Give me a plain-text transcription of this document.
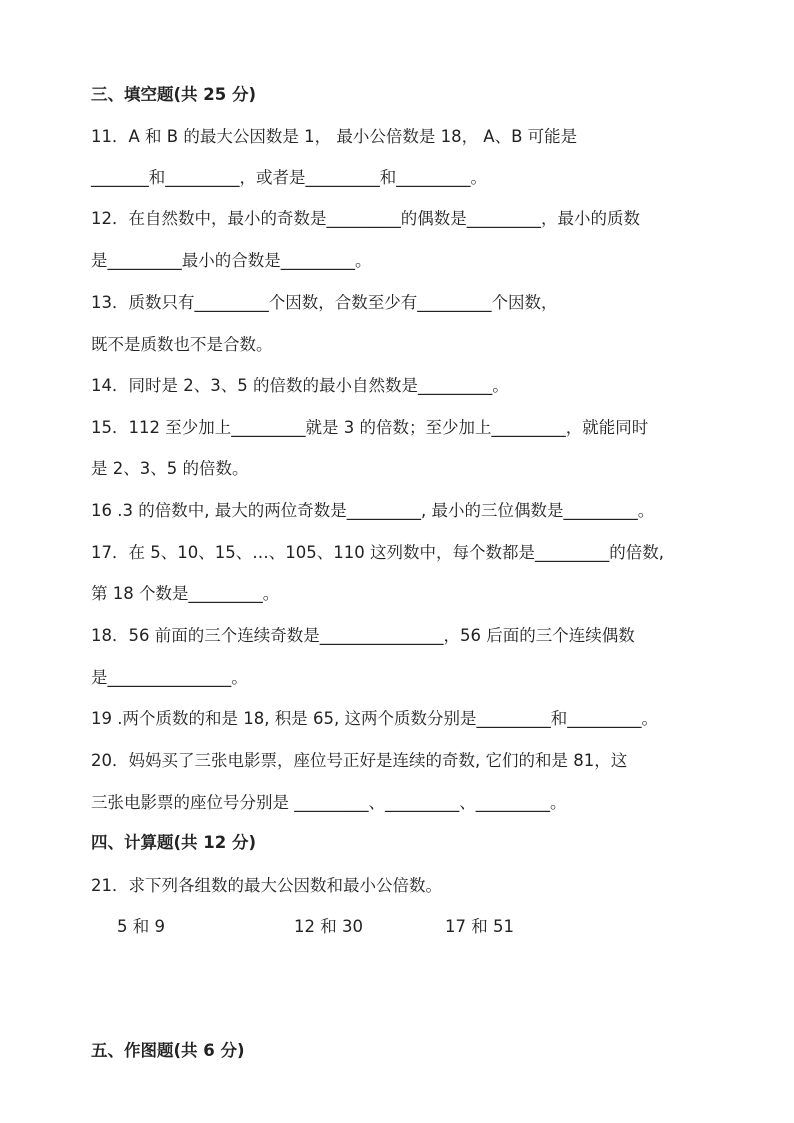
三、填空题(共 25 分)
11．A 和 B 的最大公因数是 1， 最小公倍数是 18， A、B 可能是
_______和_________，或者是_________和_________。
12．在自然数中，最小的奇数是_________的偶数是_________，最小的质数
是_________最小的合数是_________。
13．质数只有_________个因数，合数至少有_________个因数，
既不是质数也不是合数。
14．同时是 2、3、5 的倍数的最小自然数是_________。
15．112 至少加上_________就是 3 的倍数；至少加上_________，就能同时
是 2、3、5 的倍数。
16 .3 的倍数中, 最大的两位奇数是_________, 最小的三位偶数是_________。
17．在 5、10、15、…、105、110 这列数中，每个数都是_________的倍数,
第 18 个数是_________。
18．56 前面的三个连续奇数是_______________，56 后面的三个连续偶数
是_______________。
19 .两个质数的和是 18, 积是 65, 这两个质数分别是_________和_________。
20．妈妈买了三张电影票，座位号正好是连续的奇数, 它们的和是 81，这
三张电影票的座位号分别是 _________、_________、_________。
四、计算题(共 12 分)
21．求下列各组数的最大公因数和最小公倍数。
5 和 9	12 和 30	17 和 51
五、作图题(共 6 分)
